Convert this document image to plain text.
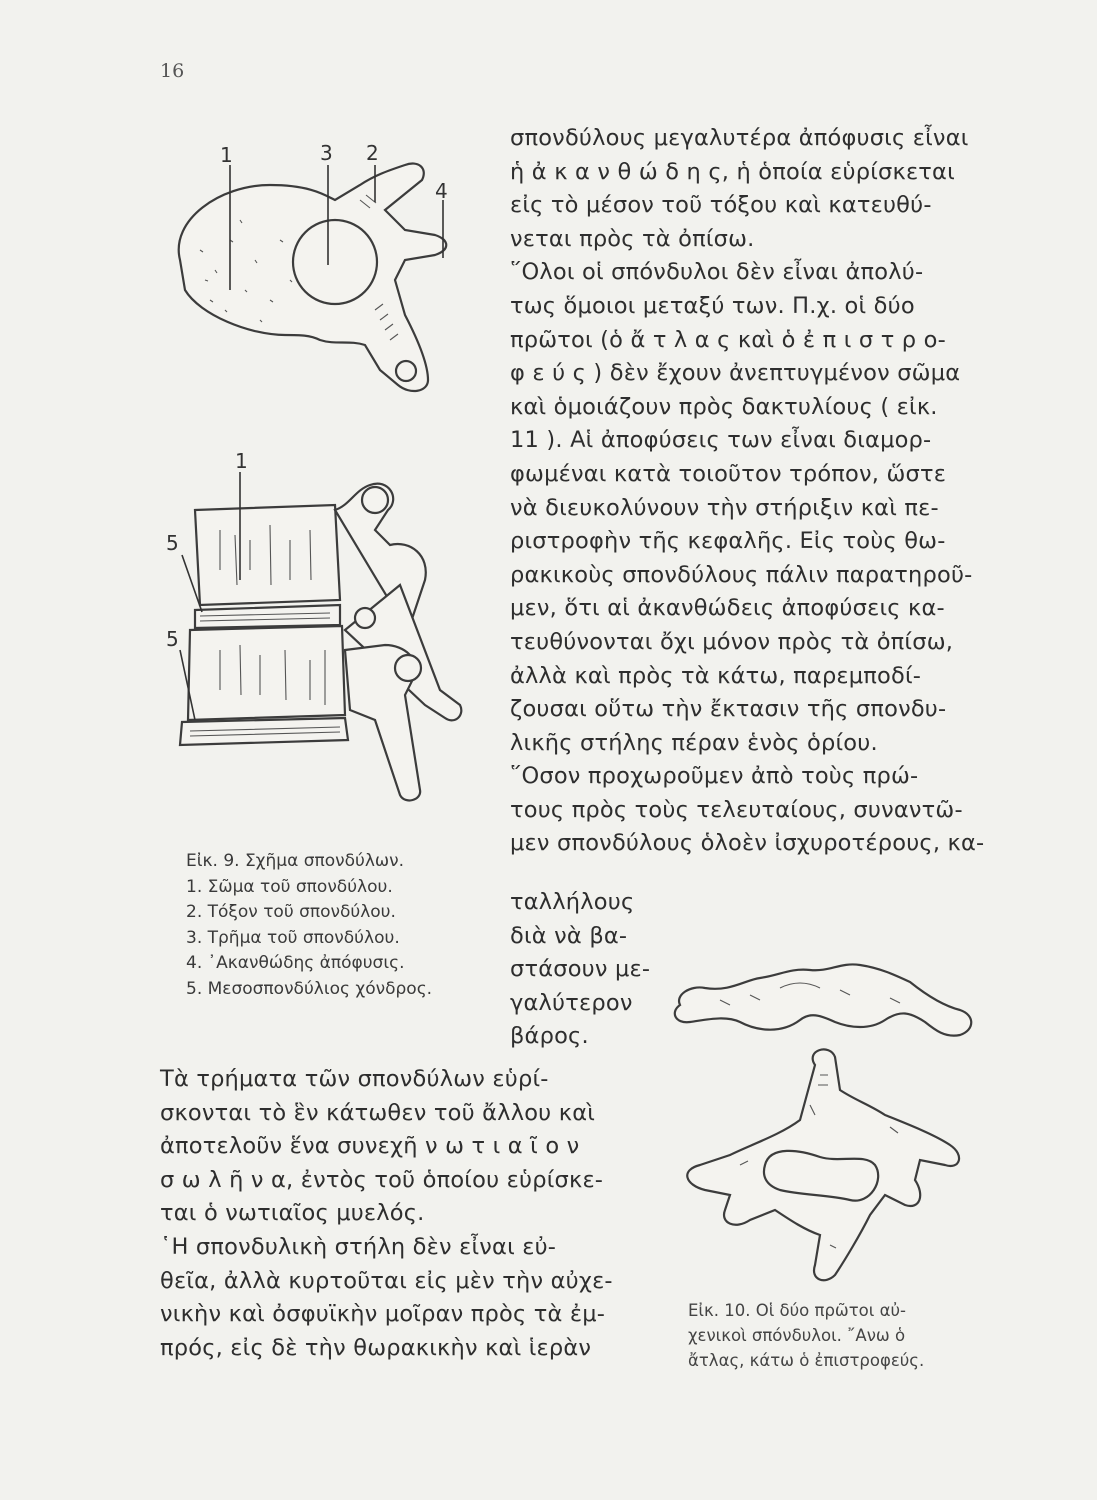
16
1	3 2
4
1
5
5
Εἰκ. 9. Σχῆμα σπονδύλων.
1. Σῶμα τοῦ σπονδύλου.
2. Τόξον τοῦ σπονδύλου.
3. Τρῆμα τοῦ σπονδύλου.
4. ᾿Ακανθώδης ἀπόφυσις.
5. Μεσοσπονδύλιος χόνδρος.
σπονδύλους μεγαλυτέρα ἀπόφυσις εἶναι
ἡ ἀ κ α ν θ ώ δ η ς, ἡ ὁποία εὑρίσκεται
εἰς τὸ μέσον τοῦ τόξου καὶ κατευθύ-
νεται πρὸς τὰ ὀπίσω.
῞Ολοι οἱ σπόνδυλοι δὲν εἶναι ἀπολύ-
τως ὅμοιοι μεταξύ των. Π.χ. οἱ δύο
πρῶτοι (ὁ ἄ τ λ α ς καὶ ὁ ἐ π ι σ τ ρ ο-
φ ε ύ ς ) δὲν ἔχουν ἀνεπτυγμένον σῶμα
καὶ ὁμοιάζουν πρὸς δακτυλίους ( εἰκ.
11 ). Αἱ ἀποφύσεις των εἶναι διαμορ-
φωμέναι κατὰ τοιοῦτον τρόπον, ὥστε
νὰ διευκολύνουν τὴν στήριξιν καὶ πε-
ριστροφὴν τῆς κεφαλῆς. Εἰς τοὺς θω-
ρακικοὺς σπονδύλους πάλιν παρατηροῦ-
μεν, ὅτι αἱ ἀκανθώδεις ἀποφύσεις κα-
τευθύνονται ὄχι μόνον πρὸς τὰ ὀπίσω,
ἀλλὰ καὶ πρὸς τὰ κάτω, παρεμποδί-
ζουσαι οὕτω τὴν ἔκτασιν τῆς σπονδυ-
λικῆς στήλης πέραν ἑνὸς ὁρίου.
῞Οσον προχωροῦμεν ἀπὸ τοὺς πρώ-
τους πρὸς τοὺς τελευταίους, συναντῶ-
μεν σπονδύλους ὁλοὲν ἰσχυροτέρους, κα-
ταλλήλους
διὰ νὰ βα-
στάσουν με-
γαλύτερον
βάρος.
Εἰκ. 10. Οἱ δύο πρῶτοι αὐ-
χενικοὶ σπόνδυλοι. ῎Ανω ὁ
ἄτλας, κάτω ὁ ἐπιστροφεύς.
Τὰ τρήματα τῶν σπονδύλων εὑρί-
σκονται τὸ ἓν κάτωθεν τοῦ ἄλλου καὶ
ἀποτελοῦν ἕνα συνεχῆ ν ω τ ι α ῖ ο ν
σ ω λ ῆ ν α, ἐντὸς τοῦ ὁποίου εὑρίσκε-
ται ὁ νωτιαῖος μυελός.
῾Η σπονδυλικὴ στήλη δὲν εἶναι εὐ-
θεῖα, ἀλλὰ κυρτοῦται εἰς μὲν τὴν αὐχε-
νικὴν καὶ ὀσφυϊκὴν μοῖραν πρὸς τὰ ἐμ-
πρός, εἰς δὲ τὴν θωρακικὴν καὶ ἱερὰν
